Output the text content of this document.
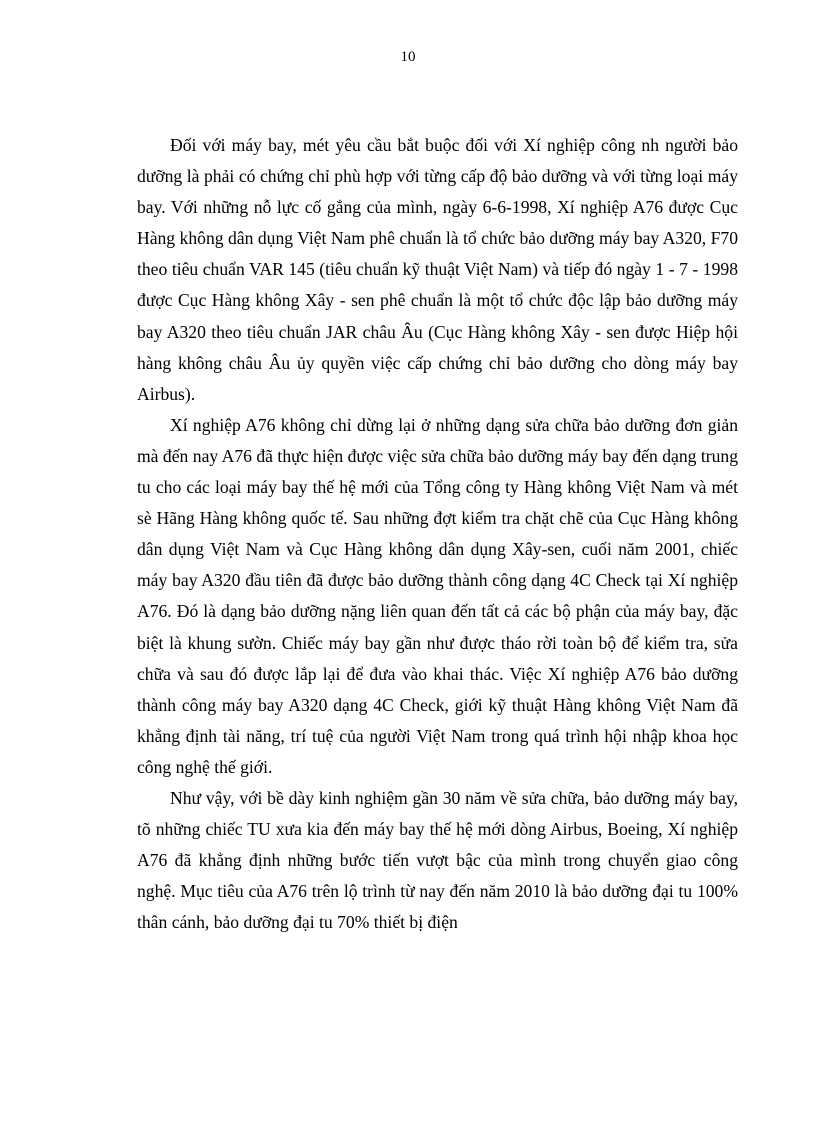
10

Đối với máy bay, mét yêu cầu bắt buộc đối với Xí nghiệp công nh người bảo dưỡng là phải có chứng chỉ phù hợp với từng cấp độ bảo dưỡng và với từng loại máy bay. Với những nỗ lực cố gắng của mình, ngày 6-6-1998, Xí nghiệp A76 được Cục Hàng không dân dụng Việt Nam phê chuẩn là tổ chức bảo dưỡng máy bay A320, F70 theo tiêu chuẩn VAR 145 (tiêu chuẩn kỹ thuật Việt Nam) và tiếp đó ngày 1 - 7 - 1998 được Cục Hàng không Xây - sen phê chuẩn là một tổ chức độc lập bảo dưỡng máy bay A320 theo tiêu chuẩn JAR châu Âu (Cục Hàng không Xây - sen được Hiệp hội hàng không châu Âu ủy quyền việc cấp chứng chỉ bảo dưỡng cho dòng máy bay Airbus).

Xí nghiệp A76 không chỉ dừng lại ở những dạng sửa chữa bảo dưỡng đơn giản mà đến nay A76 đã thực hiện được việc sửa chữa bảo dưỡng máy bay đến dạng trung tu cho các loại máy bay thế hệ mới của Tổng công ty Hàng không Việt Nam và mét sè Hãng Hàng không quốc tế. Sau những đợt kiểm tra chặt chẽ của Cục Hàng không dân dụng Việt Nam và Cục Hàng không dân dụng Xây-sen, cuối năm 2001, chiếc máy bay A320 đầu tiên đã được bảo dưỡng thành công dạng 4C Check tại Xí nghiệp A76. Đó là dạng bảo dưỡng nặng liên quan đến tất cả các bộ phận của máy bay, đặc biệt là khung sườn. Chiếc máy bay gần như được tháo rời toàn bộ để kiểm tra, sửa chữa và sau đó được lắp lại để đưa vào khai thác. Việc Xí nghiệp A76 bảo dưỡng thành công máy bay A320 dạng 4C Check, giới kỹ thuật Hàng không Việt Nam đã khẳng định tài năng, trí tuệ của người Việt Nam trong quá trình hội nhập khoa học công nghệ thế giới.

Như vậy, với bề dày kinh nghiệm gần 30 năm về sửa chữa, bảo dưỡng máy bay, tõ những chiếc TU xưa kia đến máy bay thế hệ mới dòng Airbus, Boeing, Xí nghiệp A76 đã khẳng định những bước tiến vượt bậc của mình trong chuyển giao công nghệ. Mục tiêu của A76 trên lộ trình từ nay đến năm 2010 là bảo dưỡng đại tu 100% thân cánh, bảo dưỡng đại tu 70% thiết bị điện
